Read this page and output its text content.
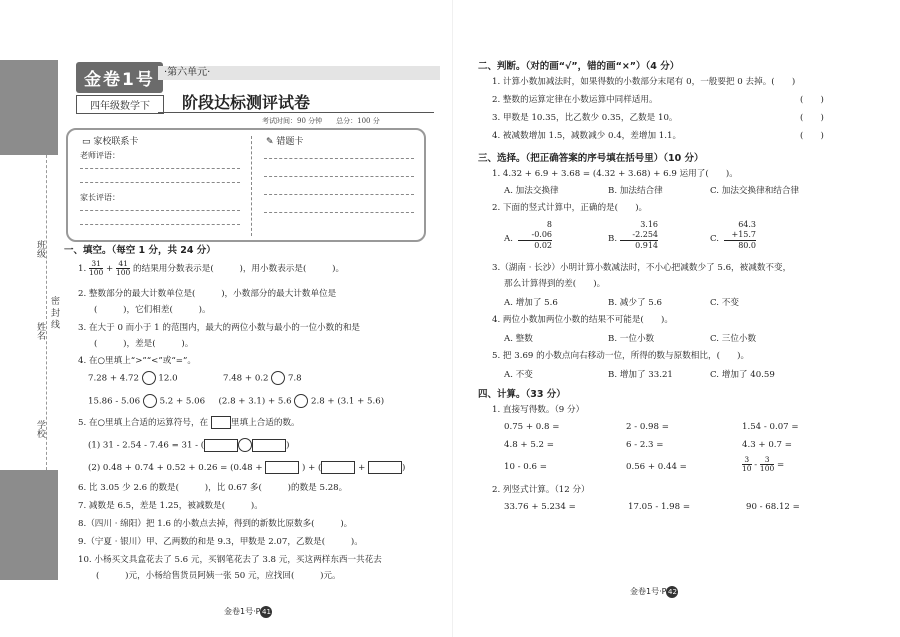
班级
姓名
密 封 线
学校
金卷1号
四年级数学下
·第六单元·
阶段达标测评试卷
考试时间：90 分钟　　 总分：100 分
▭ 家校联系卡
老师评语：
家长评语：
✎ 错题卡
一、填空。（每空 1 分，共 24 分）
1. $\frac{31}{100} + \frac{41}{100}$ 的结果用分数表示是(　　　)，用小数表示是(　　　)。
2. 整数部分的最大计数单位是(　　　)，小数部分的最大计数单位是
(　　　)，它们相差(　　　)。
3. 在大于 0 而小于 1 的范围内，最大的两位小数与最小的一位小数的和是
(　　　)，差是(　　　)。
4. 在○里填上“>”“<”或“=”。
7.28 + 4.72 12.0	7.48 + 0.2 7.8
15.86 - 5.06 5.2 + 5.06 (2.8 + 3.1) + 5.6 2.8 + (3.1 + 5.6)
5. 在○里填上合适的运算符号，在	里填上合适的数。
(1) 31 - 2.54 - 7.46 = 31 - (	)
(2) 0.48 + 0.74 + 0.52 + 0.26 = (0.48 +	) + (	+	)
6. 比 3.05 少 2.6 的数是(　　　)，比 0.67 多(　　　)的数是 5.28。
7. 减数是 6.5，差是 1.25，被减数是(　　　)。
8.（四川 · 绵阳）把 1.6 的小数点去掉，得到的新数比原数多(　　　)。
9.（宁夏 · 银川）甲、乙两数的和是 9.3，甲数是 2.07，乙数是(　　　)。
10. 小杨买文具盒花去了 5.6 元，买钢笔花去了 3.8 元，买这两样东西一共花去
(　　　)元，小杨给售货员阿姨一张 50 元，应找回(　　　)元。
金卷1号·P 41
二、判断。（对的画“√”，错的画“×”）（4 分）
1. 计算小数加减法时，如果得数的小数部分末尾有 0，一般要把 0 去掉。(　　)
2. 整数的运算定律在小数运算中同样适用。	(　　)
3. 甲数是 10.35，比乙数少 0.35，乙数是 10。	(　　)
4. 被减数增加 1.5，减数减少 0.4，差增加 1.1。	(　　)
三、选择。（把正确答案的序号填在括号里）（10 分）
1. 4.32 + 6.9 + 3.68 = (4.32 + 3.68) + 6.9 运用了(　　)。
A. 加法交换律	B. 加法结合律	C. 加法交换律和结合律
2. 下面的竖式计算中，正确的是(　　)。
A.
8
-0.06
0.02
B.
3.16
-2.254
0.914
C.
64.3
+15.7
80.0
3.（湖南 · 长沙）小明计算小数减法时，不小心把减数少了 5.6，被减数不变，
那么计算得到的差(　　)。
A. 增加了 5.6	B. 减少了 5.6	C. 不变
4. 两位小数加两位小数的结果不可能是(　　)。
A. 整数	B. 一位小数	C. 三位小数
5. 把 3.69 的小数点向右移动一位，所得的数与原数相比，(　　)。
A. 不变	B. 增加了 33.21	C. 增加了 40.59
四、计算。（33 分）
1. 直接写得数。（9 分）
0.75 + 0.8 =	2 - 0.98 =	1.54 - 0.07 =
4.8 + 5.2 =	6 - 2.3 =	4.3 + 0.7 =
10 - 0.6 =	0.56 + 0.44 =	$\frac{3}{10} - \frac{3}{100}$ =
2. 列竖式计算。（12 分）
33.76 + 5.234 =	17.05 - 1.98 =	90 - 68.12 =
金卷1号·P 42
